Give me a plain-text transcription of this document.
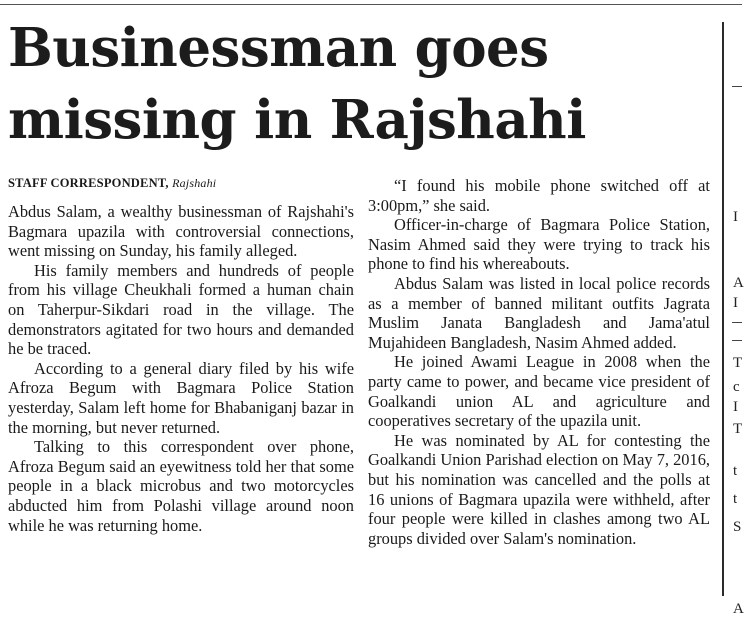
Businessman goes
missing in Rajshahi
STAFF CORRESPONDENT, Rajshahi

Abdus Salam, a wealthy businessman of Rajshahi's Bagmara upazila with controversial connections, went missing on Sunday, his family alleged.

His family members and hundreds of people from his village Cheukhali formed a human chain on Taherpur-Sikdari road in the village. The demonstrators agitated for two hours and demanded he be traced.

According to a general diary filed by his wife Afroza Begum with Bagmara Police Station yesterday, Salam left home for Bhabaniganj bazar in the morning, but never returned.

Talking to this correspondent over phone, Afroza Begum said an eyewitness told her that some people in a black microbus and two motorcycles abducted him from Polashi village around noon while he was returning home.

“I found his mobile phone switched off at 3:00pm,” she said.

Officer-in-charge of Bagmara Police Station, Nasim Ahmed said they were trying to track his phone to find his whereabouts.

Abdus Salam was listed in local police records as a member of banned militant outfits Jagrata Muslim Janata Bangladesh and Jama'atul Mujahideen Bangladesh, Nasim Ahmed added.

He joined Awami League in 2008 when the party came to power, and became vice president of Goalkandi union AL and agriculture and cooperatives secretary of the upazila unit.

He was nominated by AL for contesting the Goalkandi Union Parishad election on May 7, 2016, but his nomination was cancelled and the polls at 16 unions of Bagmara upazila were withheld, after four people were killed in clashes among two AL groups divided over Salam's nomination.

I
A
I
T
c
I
T
t
t
S
A
